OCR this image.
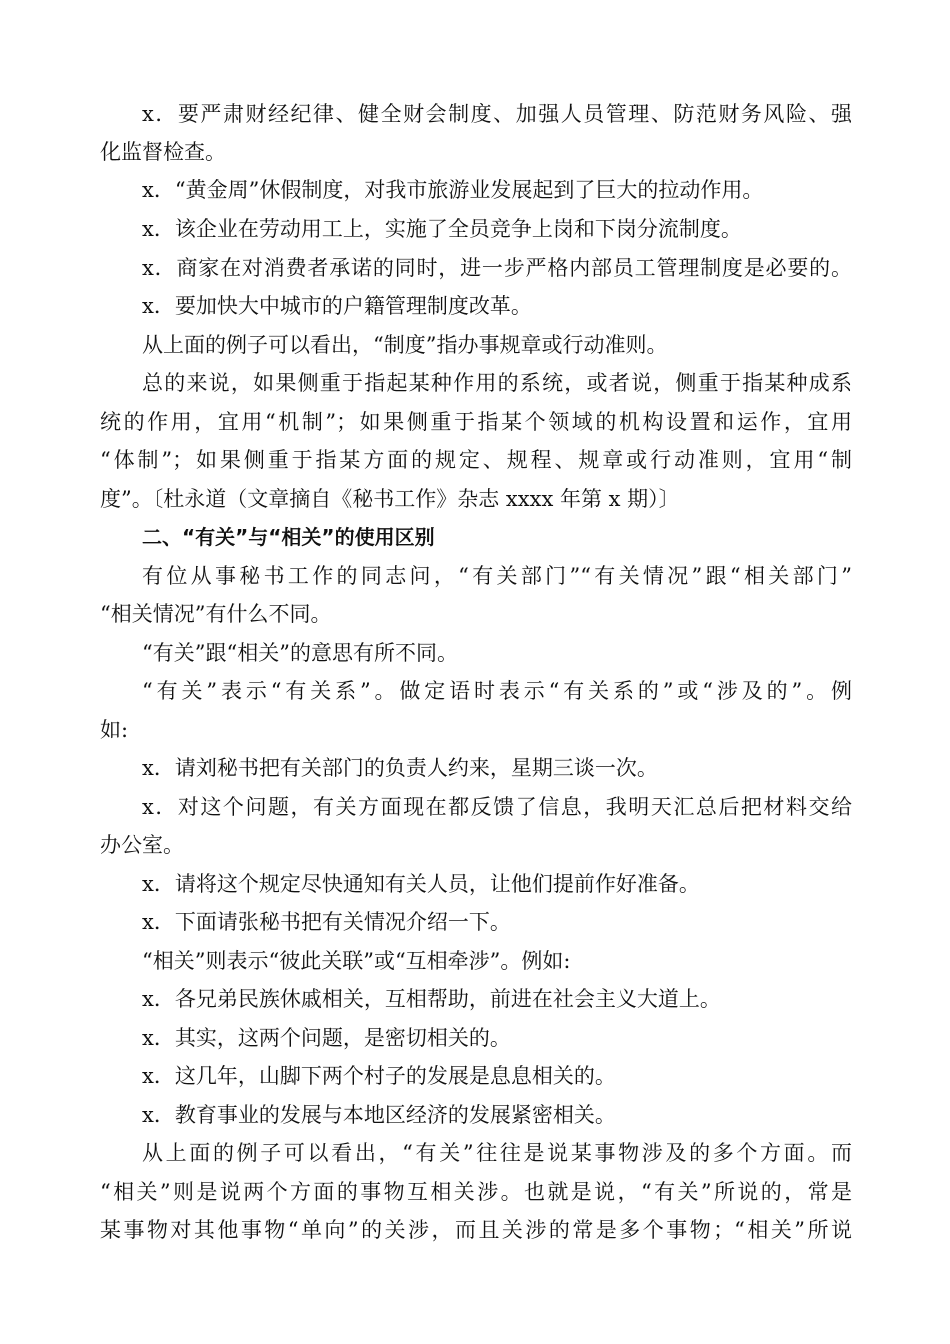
x．要严肃财经纪律、健全财会制度、加强人员管理、防范财务风险、强
化监督检查。
x．“黄金周”休假制度，对我市旅游业发展起到了巨大的拉动作用。
x．该企业在劳动用工上，实施了全员竞争上岗和下岗分流制度。
x．商家在对消费者承诺的同时，进一步严格内部员工管理制度是必要的。
x．要加快大中城市的户籍管理制度改革。
从上面的例子可以看出，“制度”指办事规章或行动准则。
总的来说，如果侧重于指起某种作用的系统，或者说，侧重于指某种成系
统的作用，宜用“机制”；如果侧重于指某个领域的机构设置和运作，宜用
“体制”；如果侧重于指某方面的规定、规程、规章或行动准则，宜用“制
度”。〔杜永道（文章摘自《秘书工作》杂志 xxxx 年第 x 期）〕
二、“有关”与“相关”的使用区别
有位从事秘书工作的同志问，“有关部门”“有关情况”跟“相关部门”
“相关情况”有什么不同。
“有关”跟“相关”的意思有所不同。
“有关”表示“有关系”。做定语时表示“有关系的”或“涉及的”。例
如:
x．请刘秘书把有关部门的负责人约来，星期三谈一次。
x．对这个问题，有关方面现在都反馈了信息，我明天汇总后把材料交给
办公室。
x．请将这个规定尽快通知有关人员，让他们提前作好准备。
x．下面请张秘书把有关情况介绍一下。
“相关”则表示“彼此关联”或“互相牵涉”。例如:
x．各兄弟民族休戚相关，互相帮助，前进在社会主义大道上。
x．其实，这两个问题，是密切相关的。
x．这几年，山脚下两个村子的发展是息息相关的。
x．教育事业的发展与本地区经济的发展紧密相关。
从上面的例子可以看出，“有关”往往是说某事物涉及的多个方面。而
“相关”则是说两个方面的事物互相关涉。也就是说，“有关”所说的，常是
某事物对其他事物“单向”的关涉，而且关涉的常是多个事物；“相关”所说
